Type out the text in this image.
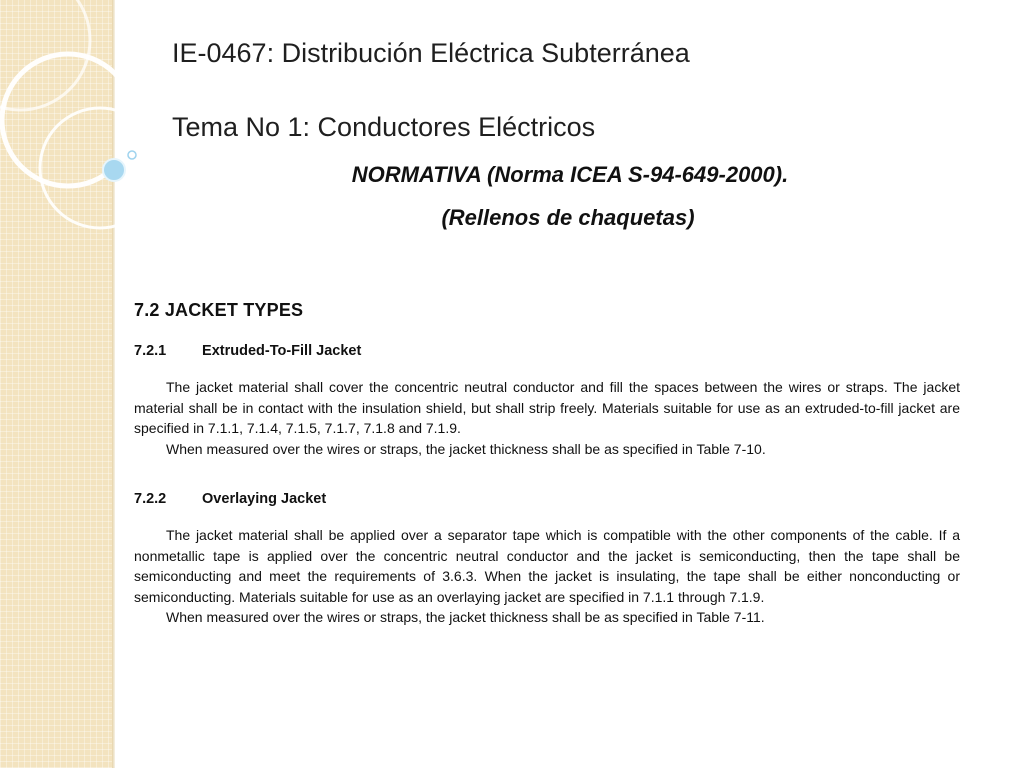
IE-0467: Distribución Eléctrica Subterránea
Tema No 1: Conductores Eléctricos
NORMATIVA (Norma ICEA S-94-649-2000).
(Rellenos de chaquetas)
7.2 JACKET TYPES
7.2.1 Extruded-To-Fill Jacket

The jacket material shall cover the concentric neutral conductor and fill the spaces between the wires or straps. The jacket material shall be in contact with the insulation shield, but shall strip freely. Materials suitable for use as an extruded-to-fill jacket are specified in 7.1.1, 7.1.4, 7.1.5, 7.1.7, 7.1.8 and 7.1.9.

When measured over the wires or straps, the jacket thickness shall be as specified in Table 7-10.

7.2.2 Overlaying Jacket

The jacket material shall be applied over a separator tape which is compatible with the other components of the cable. If a nonmetallic tape is applied over the concentric neutral conductor and the jacket is semiconducting, then the tape shall be semiconducting and meet the requirements of 3.6.3. When the jacket is insulating, the tape shall be either nonconducting or semiconducting. Materials suitable for use as an overlaying jacket are specified in 7.1.1 through 7.1.9.

When measured over the wires or straps, the jacket thickness shall be as specified in Table 7-11.
